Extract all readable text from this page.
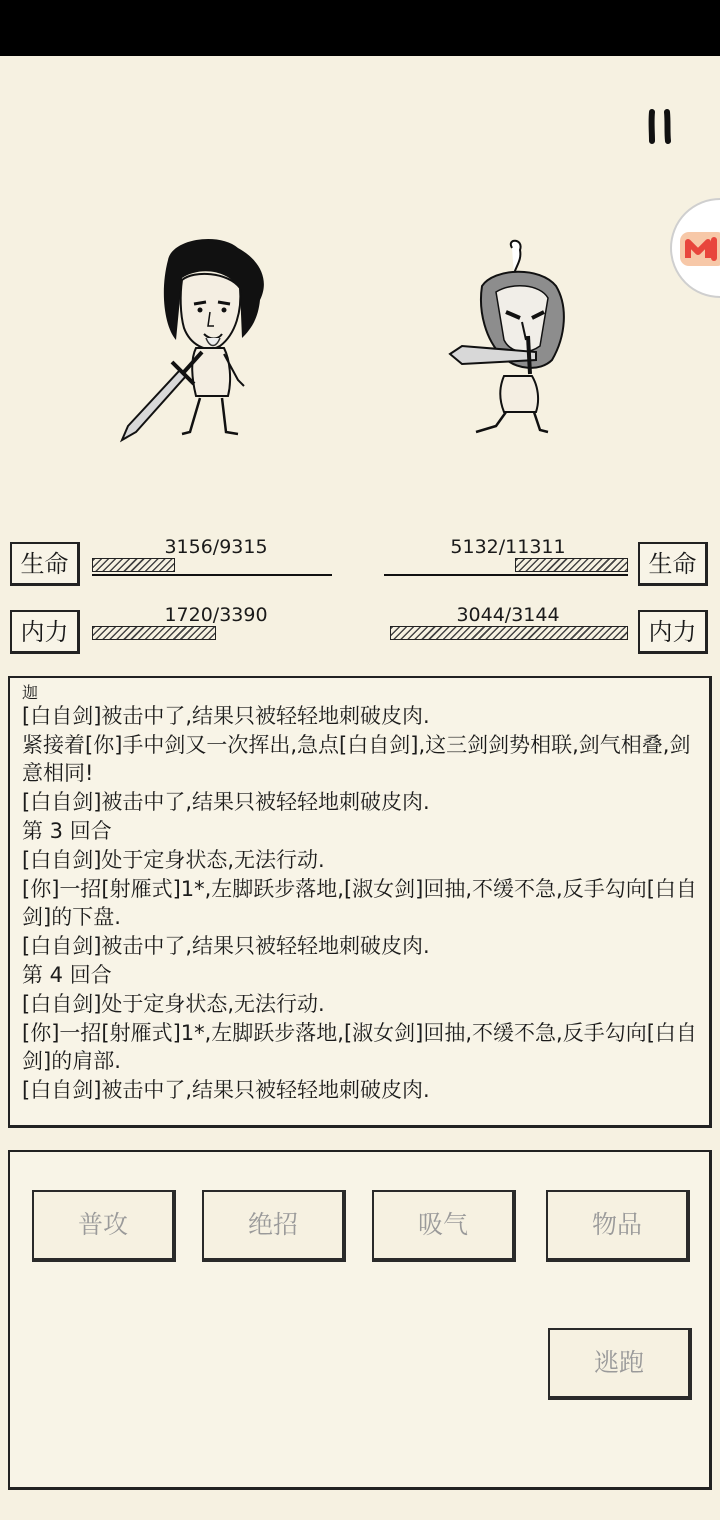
生命
3156/9315
内力
1720/3390
生命
5132/11311
内力
3044/3144
迦
[白自剑]被击中了,结果只被轻轻地刺破皮肉.
紧接着[你]手中剑又一次挥出,急点[白自剑],这三剑剑势相联,剑气相叠,剑意相同!
[白自剑]被击中了,结果只被轻轻地刺破皮肉.
第 3 回合
[白自剑]处于定身状态,无法行动.
[你]一招[射雁式]1*,左脚跃步落地,[淑女剑]回抽,不缓不急,反手勾向[白自剑]的下盘.
[白自剑]被击中了,结果只被轻轻地刺破皮肉.
第 4 回合
[白自剑]处于定身状态,无法行动.
[你]一招[射雁式]1*,左脚跃步落地,[淑女剑]回抽,不缓不急,反手勾向[白自剑]的肩部.
[白自剑]被击中了,结果只被轻轻地刺破皮肉.
普攻	绝招	吸气	物品
逃跑
